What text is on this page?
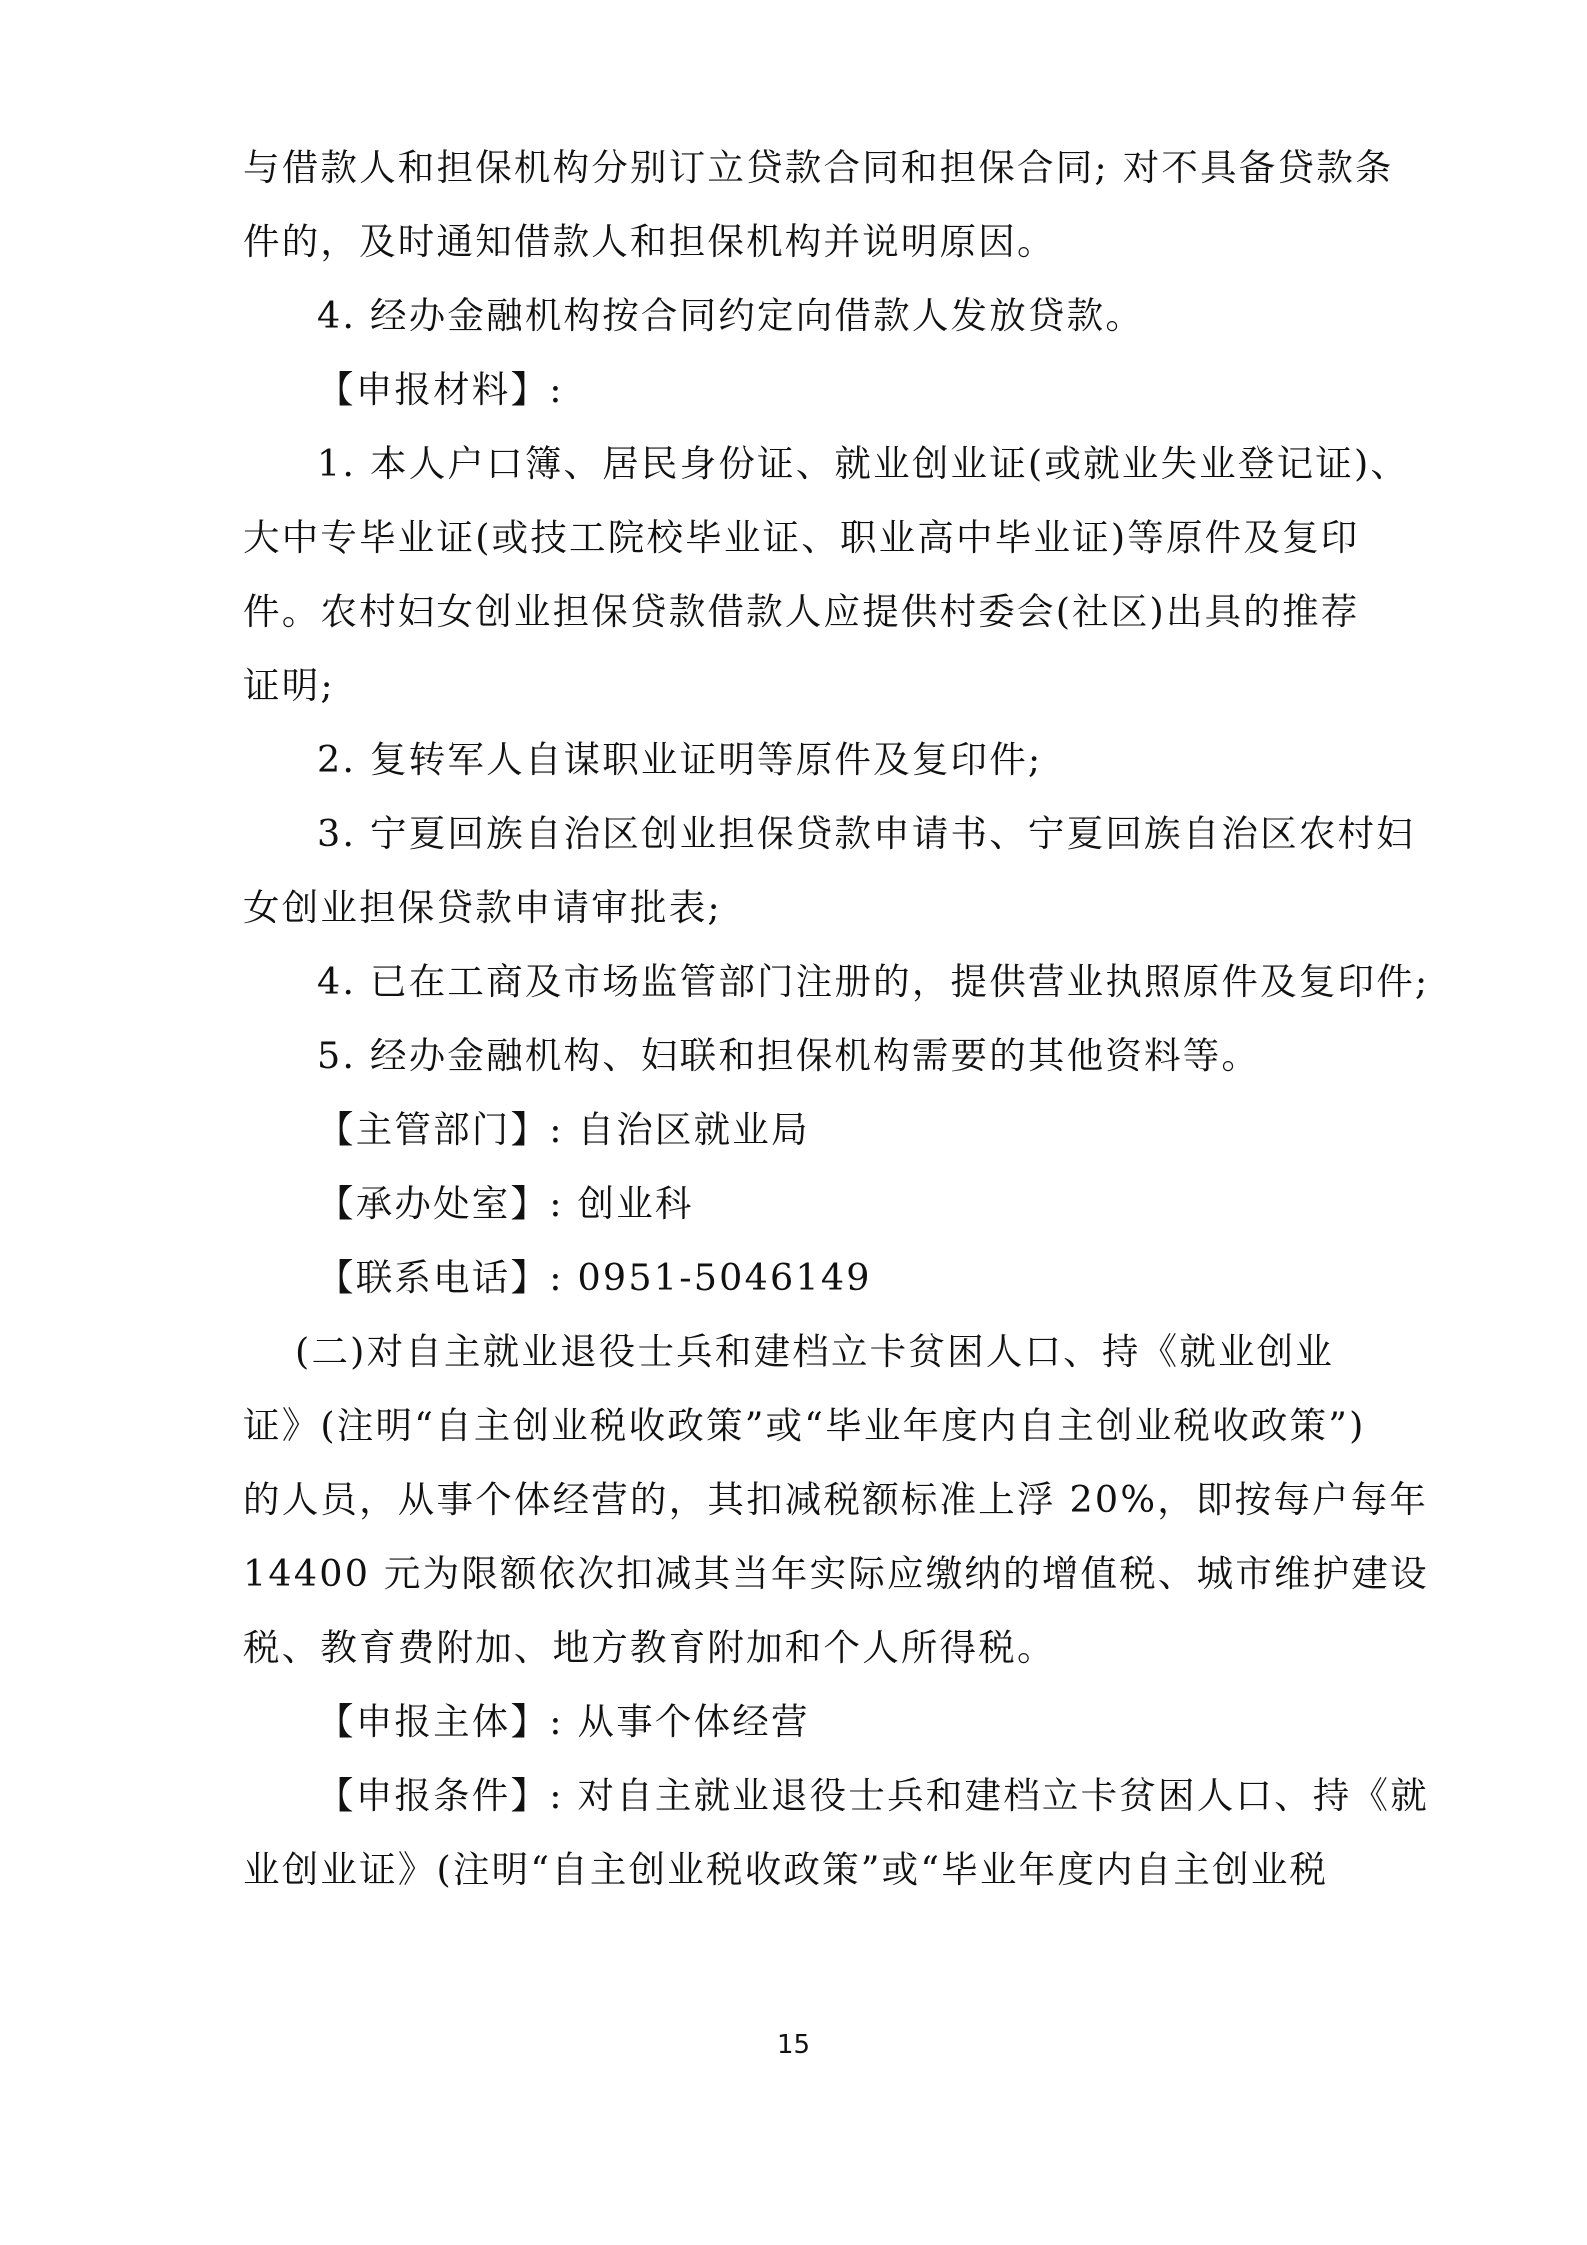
与借款人和担保机构分别订立贷款合同和担保合同; 对不具备贷款条
件的，及时通知借款人和担保机构并说明原因。
4. 经办金融机构按合同约定向借款人发放贷款。
【申报材料】:
1. 本人户口簿、居民身份证、就业创业证(或就业失业登记证)、
大中专毕业证(或技工院校毕业证、职业高中毕业证)等原件及复印
件。农村妇女创业担保贷款借款人应提供村委会(社区)出具的推荐
证明;
2. 复转军人自谋职业证明等原件及复印件;
3. 宁夏回族自治区创业担保贷款申请书、宁夏回族自治区农村妇
女创业担保贷款申请审批表;
4. 已在工商及市场监管部门注册的，提供营业执照原件及复印件;
5. 经办金融机构、妇联和担保机构需要的其他资料等。
【主管部门】: 自治区就业局
【承办处室】: 创业科
【联系电话】: 0951-5046149
(二)对自主就业退役士兵和建档立卡贫困人口、持《就业创业
证》(注明“自主创业税收政策”或“毕业年度内自主创业税收政策”)
的人员，从事个体经营的，其扣减税额标准上浮 20%，即按每户每年
14400 元为限额依次扣减其当年实际应缴纳的增值税、城市维护建设
税、教育费附加、地方教育附加和个人所得税。
【申报主体】: 从事个体经营
【申报条件】: 对自主就业退役士兵和建档立卡贫困人口、持《就
业创业证》(注明“自主创业税收政策”或“毕业年度内自主创业税
15
